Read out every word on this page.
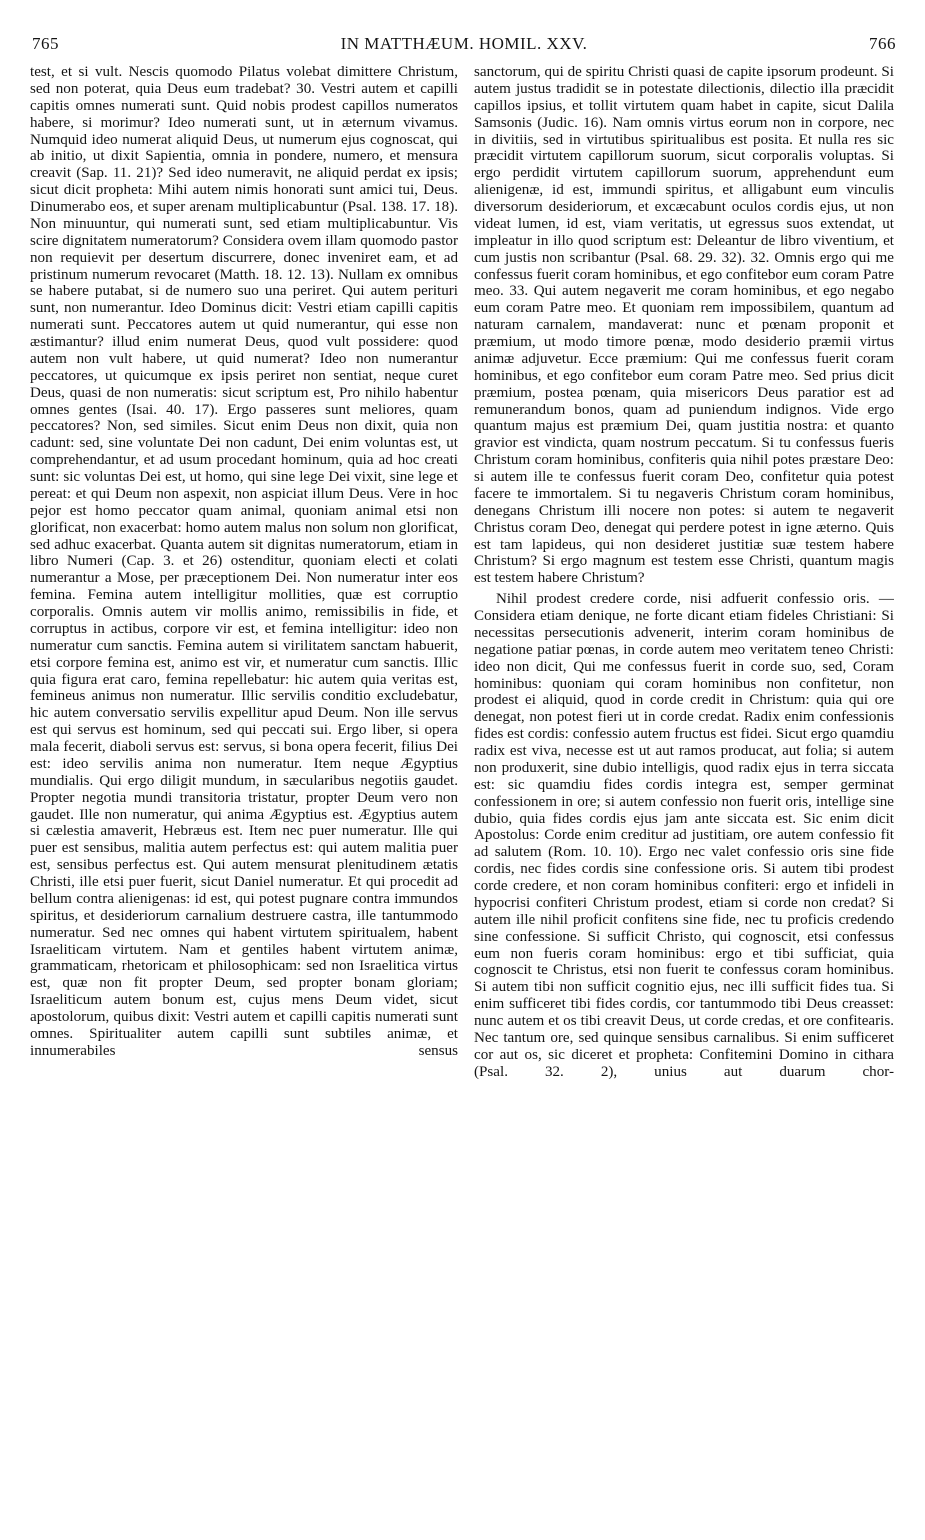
765	IN MATTHÆUM. HOMIL. XXV.	766

test, et si vult. Nescis quomodo Pilatus volebat dimittere Christum, sed non poterat, quia Deus eum tradebat? 30. Vestri autem et capilli capitis omnes numerati sunt. Quid nobis prodest capillos numeratos habere, si morimur? Ideo numerati sunt, ut in æternum vivamus. Numquid ideo numerat aliquid Deus, ut numerum ejus cognoscat, qui ab initio, ut dixit Sapientia, omnia in pondere, numero, et mensura creavit (Sap. 11. 21)? Sed ideo numeravit, ne aliquid perdat ex ipsis; sicut dicit propheta: Mihi autem nimis honorati sunt amici tui, Deus. Dinumerabo eos, et super arenam multiplicabuntur (Psal. 138. 17. 18). Non minuuntur, qui numerati sunt, sed etiam multiplicabuntur. Vis scire dignitatem numeratorum? Considera ovem illam quomodo pastor non requievit per desertum discurrere, donec inveniret eam, et ad pristinum numerum revocaret (Matth. 18. 12. 13). Nullam ex omnibus se habere putabat, si de numero suo una periret. Qui autem perituri sunt, non numerantur. Ideo Dominus dicit: Vestri etiam capilli capitis numerati sunt. Peccatores autem ut quid numerantur, qui esse non æstimantur? illud enim numerat Deus, quod vult possidere: quod autem non vult habere, ut quid numerat? Ideo non numerantur peccatores, ut quicumque ex ipsis periret non sentiat, neque curet Deus, quasi de non numeratis: sicut scriptum est, Pro nihilo habentur omnes gentes (Isai. 40. 17). Ergo passeres sunt meliores, quam peccatores? Non, sed similes. Sicut enim Deus non dixit, quia non cadunt: sed, sine voluntate Dei non cadunt, Dei enim voluntas est, ut comprehendantur, et ad usum procedant hominum, quia ad hoc creati sunt: sic voluntas Dei est, ut homo, qui sine lege Dei vixit, sine lege et pereat: et qui Deum non aspexit, non aspiciat illum Deus. Vere in hoc pejor est homo peccator quam animal, quoniam animal etsi non glorificat, non exacerbat: homo autem malus non solum non glorificat, sed adhuc exacerbat. Quanta autem sit dignitas numeratorum, etiam in libro Numeri (Cap. 3. et 26) ostenditur, quoniam electi et colati numerantur a Mose, per præceptionem Dei. Non numeratur inter eos femina. Femina autem intelligitur mollities, quæ est corruptio corporalis. Omnis autem vir mollis animo, remissibilis in fide, et corruptus in actibus, corpore vir est, et femina intelligitur: ideo non numeratur cum sanctis. Femina autem si virilitatem sanctam habuerit, etsi corpore femina est, animo est vir, et numeratur cum sanctis. Illic quia figura erat caro, femina repellebatur: hic autem quia veritas est, femineus animus non numeratur. Illic servilis conditio excludebatur, hic autem conversatio servilis expellitur apud Deum. Non ille servus est qui servus est hominum, sed qui peccati sui. Ergo liber, si opera mala fecerit, diaboli servus est: servus, si bona opera fecerit, filius Dei est: ideo servilis anima non numeratur. Item neque Ægyptius mundialis. Qui ergo diligit mundum, in sæcularibus negotiis gaudet. Propter negotia mundi transitoria tristatur, propter Deum vero non gaudet. Ille non numeratur, qui anima Ægyptius est. Ægyptius autem si cælestia amaverit, Hebræus est. Item nec puer numeratur. Ille qui puer est sensibus, malitia autem perfectus est: qui autem malitia puer est, sensibus perfectus est. Qui autem mensurat plenitudinem ætatis Christi, ille etsi puer fuerit, sicut Daniel numeratur. Et qui procedit ad bellum contra alienigenas: id est, qui potest pugnare contra immundos spiritus, et desideriorum carnalium destruere castra, ille tantummodo numeratur. Sed nec omnes qui habent virtutem spiritualem, habent Israeliticam virtutem. Nam et gentiles habent virtutem animæ, grammaticam, rhetoricam et philosophicam: sed non Israelitica virtus est, quæ non fit propter Deum, sed propter bonam gloriam; Israeliticum autem bonum est, cujus mens Deum videt, sicut apostolorum, quibus dixit: Vestri autem et capilli capitis numerati sunt omnes. Spiritualiter autem capilli sunt subtiles animæ, et innumerabiles sensus

sanctorum, qui de spiritu Christi quasi de capite ipsorum prodeunt. Si autem justus tradidit se in potestate dilectionis, dilectio illa præcidit capillos ipsius, et tollit virtutem quam habet in capite, sicut Dalila Samsonis (Judic. 16). Nam omnis virtus eorum non in corpore, nec in divitiis, sed in virtutibus spiritualibus est posita. Et nulla res sic præcidit virtutem capillorum suorum, sicut corporalis voluptas. Si ergo perdidit virtutem capillorum suorum, apprehendunt eum alienigenæ, id est, immundi spiritus, et alligabunt eum vinculis diversorum desideriorum, et excæcabunt oculos cordis ejus, ut non videat lumen, id est, viam veritatis, ut egressus suos extendat, ut impleatur in illo quod scriptum est: Deleantur de libro viventium, et cum justis non scribantur (Psal. 68. 29. 32). 32. Omnis ergo qui me confessus fuerit coram hominibus, et ego confitebor eum coram Patre meo. 33. Qui autem negaverit me coram hominibus, et ego negabo eum coram Patre meo. Et quoniam rem impossibilem, quantum ad naturam carnalem, mandaverat: nunc et pœnam proponit et præmium, ut modo timore pœnæ, modo desiderio præmii virtus animæ adjuvetur. Ecce præmium: Qui me confessus fuerit coram hominibus, et ego confitebor eum coram Patre meo. Sed prius dicit præmium, postea pœnam, quia misericors Deus paratior est ad remunerandum bonos, quam ad puniendum indignos. Vide ergo quantum majus est præmium Dei, quam justitia nostra: et quanto gravior est vindicta, quam nostrum peccatum. Si tu confessus fueris Christum coram hominibus, confiteris quia nihil potes præstare Deo: si autem ille te confessus fuerit coram Deo, confitetur quia potest facere te immortalem. Si tu negaveris Christum coram hominibus, denegans Christum illi nocere non potes: si autem te negaverit Christus coram Deo, denegat qui perdere potest in igne æterno. Quis est tam lapideus, qui non desideret justitiæ suæ testem habere Christum? Si ergo magnum est testem esse Christi, quantum magis est testem habere Christum?

Nihil prodest credere corde, nisi adfuerit confessio oris. — Considera etiam denique, ne forte dicant etiam fideles Christiani: Si necessitas persecutionis advenerit, interim coram hominibus de negatione patiar pœnas, in corde autem meo veritatem teneo Christi: ideo non dicit, Qui me confessus fuerit in corde suo, sed, Coram hominibus: quoniam qui coram hominibus non confitetur, non prodest ei aliquid, quod in corde credit in Christum: quia qui ore denegat, non potest fieri ut in corde credat. Radix enim confessionis fides est cordis: confessio autem fructus est fidei. Sicut ergo quamdiu radix est viva, necesse est ut aut ramos producat, aut folia; si autem non produxerit, sine dubio intelligis, quod radix ejus in terra siccata est: sic quamdiu fides cordis integra est, semper germinat confessionem in ore; si autem confessio non fuerit oris, intellige sine dubio, quia fides cordis ejus jam ante siccata est. Sic enim dicit Apostolus: Corde enim creditur ad justitiam, ore autem confessio fit ad salutem (Rom. 10. 10). Ergo nec valet confessio oris sine fide cordis, nec fides cordis sine confessione oris. Si autem tibi prodest corde credere, et non coram hominibus confiteri: ergo et infideli in hypocrisi confiteri Christum prodest, etiam si corde non credat? Si autem ille nihil proficit confitens sine fide, nec tu proficis credendo sine confessione. Si sufficit Christo, qui cognoscit, etsi confessus eum non fueris coram hominibus: ergo et tibi sufficiat, quia cognoscit te Christus, etsi non fuerit te confessus coram hominibus. Si autem tibi non sufficit cognitio ejus, nec illi sufficit fides tua. Si enim sufficeret tibi fides cordis, cor tantummodo tibi Deus creasset: nunc autem et os tibi creavit Deus, ut corde credas, et ore confitearis. Nec tantum ore, sed quinque sensibus carnalibus. Si enim sufficeret cor aut os, sic diceret et propheta: Confitemini Domino in cithara (Psal. 32. 2), unius aut duarum chor-
